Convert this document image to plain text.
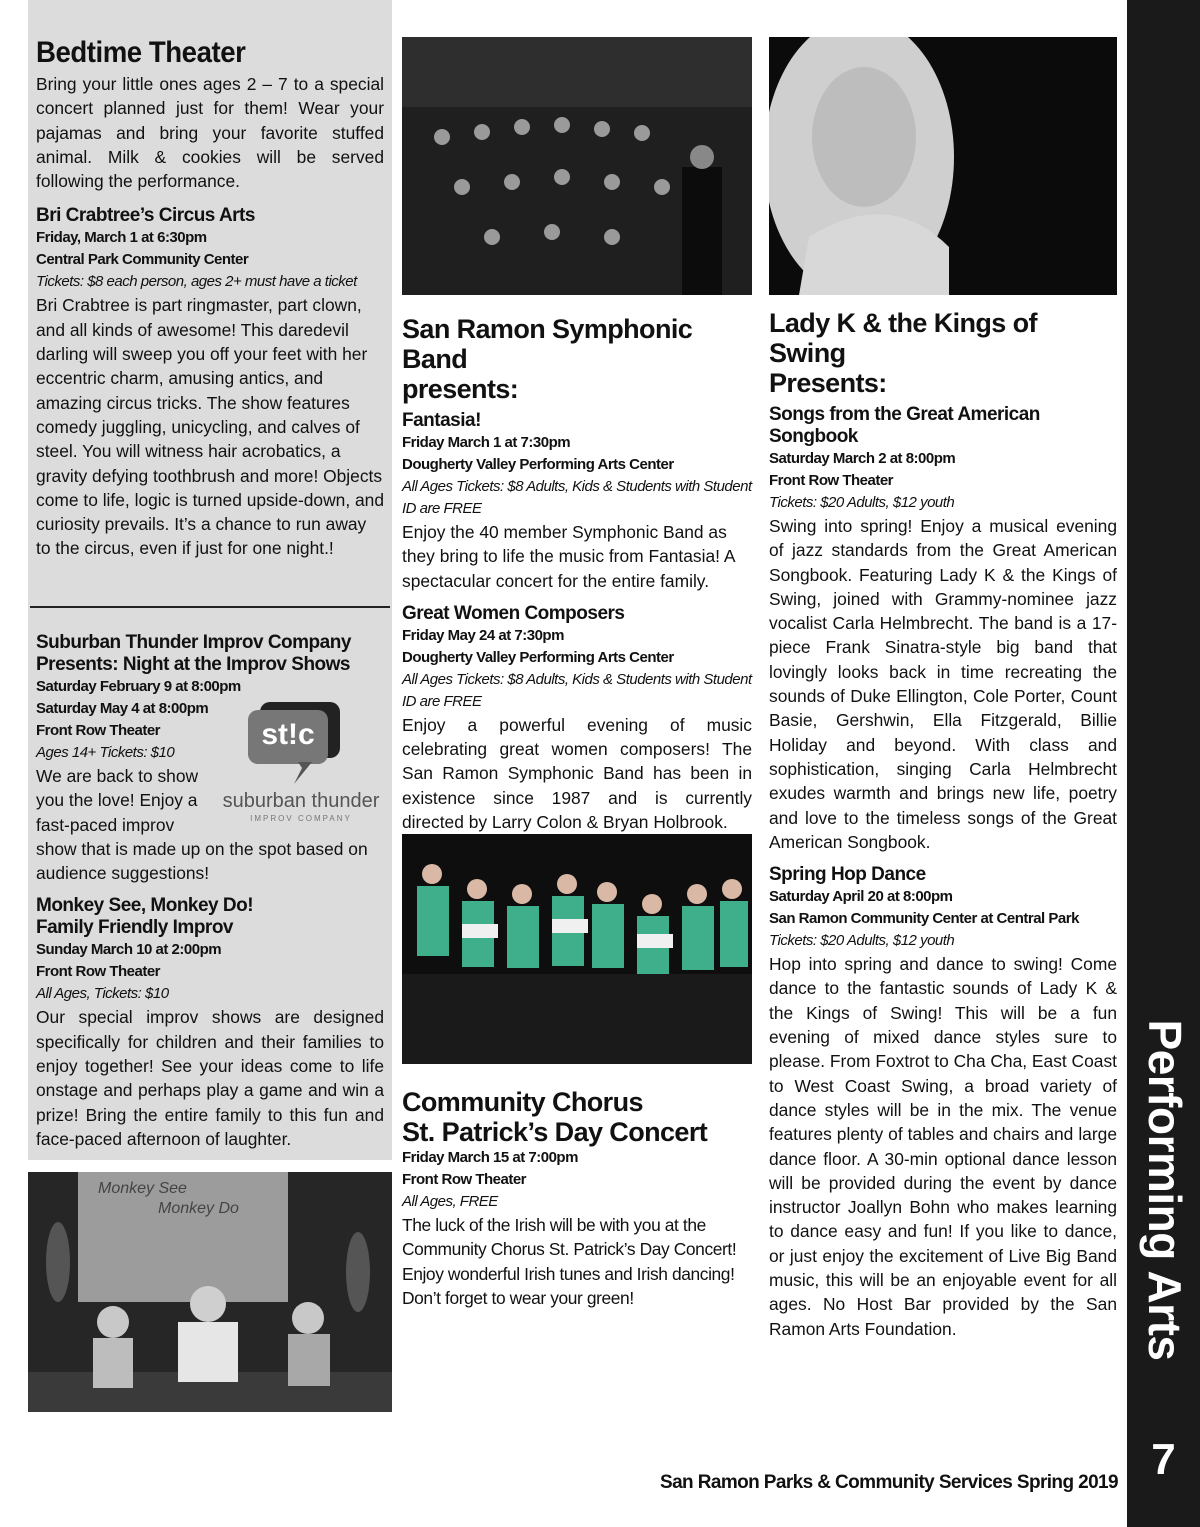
Bedtime Theater

Bring your little ones ages 2 – 7 to a special concert planned just for them! Wear your pajamas and bring your favorite stuffed animal. Milk & cookies will be served following the performance.

Bri Crabtree’s Circus Arts
Friday, March 1 at 6:30pm
Central Park Community Center
Tickets: $8 each person, ages 2+ must have a ticket

Bri Crabtree is part ringmaster, part clown, and all kinds of awesome! This daredevil darling will sweep you off your feet with her eccentric charm, amusing antics, and amazing circus tricks. The show features comedy juggling, unicycling, and calves of steel. You will witness hair acrobatics, a gravity defying toothbrush and more! Objects come to life, logic is turned upside-down, and curiosity prevails. It’s a chance to run away to the circus, even if just for one night.!

Suburban Thunder Improv Company
Presents: Night at the Improv Shows
Saturday February 9 at 8:00pm
Saturday May 4 at 8:00pm
Front Row Theater
Ages 14+ Tickets: $10
We are back to show
you the love! Enjoy a
fast-paced improv

show that is made up on the spot based on audience suggestions!

Monkey See, Monkey Do!
Family Friendly Improv
Sunday March 10 at 2:00pm
Front Row Theater
All Ages, Tickets: $10

Our special improv shows are designed specifically for children and their families to enjoy together! See your ideas come to life onstage and perhaps play a game and win a prize! Bring the entire family to this fun and face-paced afternoon of laughter.

st!c
suburban thunder
IMPROV COMPANY
Monkey See
Monkey Do
San Ramon Symphonic Band
presents:
Fantasia!
Friday March 1 at 7:30pm
Dougherty Valley Performing Arts Center
All Ages Tickets: $8 Adults, Kids & Students with Student ID are FREE

Enjoy the 40 member Symphonic Band as they bring to life the music from Fantasia! A spectacular concert for the entire family.

Great Women Composers
Friday May 24 at 7:30pm
Dougherty Valley Performing Arts Center
All Ages Tickets: $8 Adults, Kids & Students with Student ID are FREE

Enjoy a powerful evening of music celebrating great women composers! The San Ramon Symphonic Band has been in existence since 1987 and is currently directed by Larry Colon & Bryan Holbrook.

Community Chorus
St. Patrick’s Day Concert
Friday March 15 at 7:00pm
Front Row Theater
All Ages, FREE

The luck of the Irish will be with you at the Community Chorus St. Patrick’s Day Concert! Enjoy wonderful Irish tunes and Irish dancing! Don’t forget to wear your green!

Lady K & the Kings of Swing
Presents:
Songs from the Great American Songbook
Saturday March 2 at 8:00pm
Front Row Theater
Tickets: $20 Adults, $12 youth

Swing into spring! Enjoy a musical evening of jazz standards from the Great American Songbook. Featuring Lady K & the Kings of Swing, joined with Grammy-nominee jazz vocalist Carla Helmbrecht. The band is a 17-piece Frank Sinatra-style big band that lovingly looks back in time recreating the sounds of Duke Ellington, Cole Porter, Count Basie, Gershwin, Ella Fitzgerald, Billie Holiday and beyond. With class and sophistication, singing Carla Helmbrecht exudes warmth and brings new life, poetry and love to the timeless songs of the Great American Songbook.

Spring Hop Dance
Saturday April 20 at 8:00pm
San Ramon Community Center at Central Park
Tickets: $20 Adults, $12 youth

Hop into spring and dance to swing! Come dance to the fantastic sounds of Lady K & the Kings of Swing! This will be a fun evening of mixed dance styles sure to please. From Foxtrot to Cha Cha, East Coast to West Coast Swing, a broad variety of dance styles will be in the mix. The venue features plenty of tables and chairs and large dance floor. A 30-min optional dance lesson will be provided during the event by dance instructor Joallyn Bohn who makes learning to dance easy and fun! If you like to dance, or just enjoy the excitement of Live Big Band music, this will be an enjoyable event for all ages. No Host Bar provided by the San Ramon Arts Foundation.	Performing Arts
7
San Ramon Parks & Community Services Spring 2019
